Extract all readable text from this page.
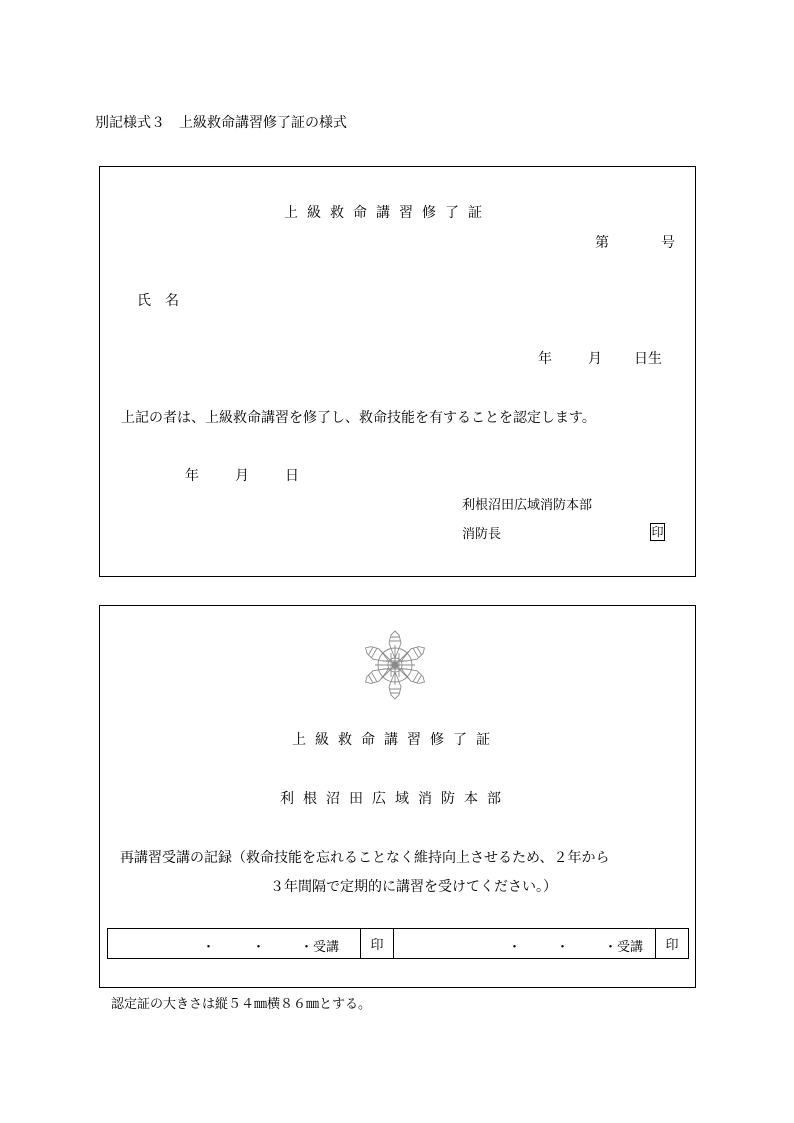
別記様式３　上級救命講習修了証の様式
上級救命講習修了証
第	号
氏　名
年	月 日生
上記の者は、上級救命講習を修了し、救命技能を有することを認定します。
年	月	日
利根沼田広域消防本部
消防長	印
上級救命講習修了証
利根沼田広域消防本部
再講習受講の記録（救命技能を忘れることなく維持向上させるため、２年から
３年間隔で定期的に講習を受けてください。）
・	・	・受講	印	・	・	・受講	印
認定証の大きさは縦５４㎜横８６㎜とする。
